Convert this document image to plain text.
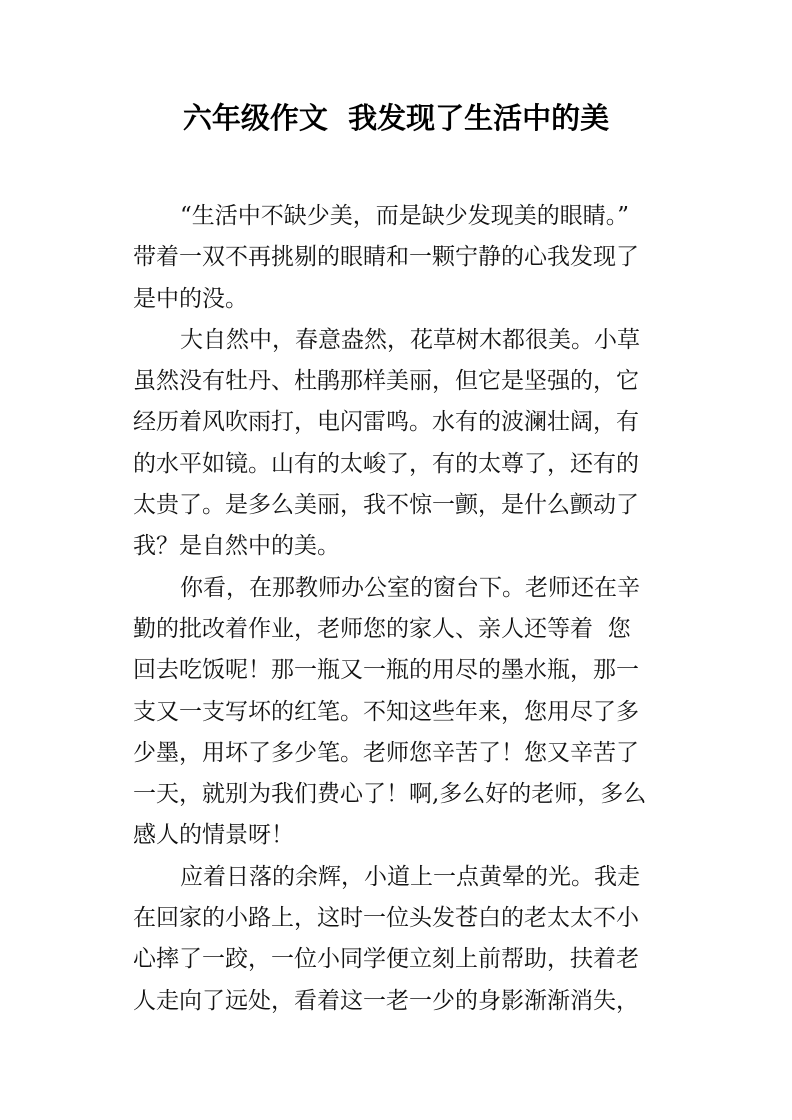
六年级作文  我发现了生活中的美

“生活中不缺少美，而是缺少发现美的眼睛。”
带着一双不再挑剔的眼睛和一颗宁静的心我发现了
是中的没。

大自然中，春意盎然，花草树木都很美。小草
虽然没有牡丹、杜鹃那样美丽，但它是坚强的，它
经历着风吹雨打，电闪雷鸣。水有的波澜壮阔，有
的水平如镜。山有的太峻了，有的太尊了，还有的
太贵了。是多么美丽，我不惊一颤，是什么颤动了
我？是自然中的美。

你看，在那教师办公室的窗台下。老师还在辛
勤的批改着作业，老师您的家人、亲人还等着  您
回去吃饭呢！那一瓶又一瓶的用尽的墨水瓶，那一
支又一支写坏的红笔。不知这些年来，您用尽了多
少墨，用坏了多少笔。老师您辛苦了！您又辛苦了
一天，就别为我们费心了！啊,多么好的老师，多么
感人的情景呀！

应着日落的余辉，小道上一点黄晕的光。我走
在回家的小路上，这时一位头发苍白的老太太不小
心摔了一跤，一位小同学便立刻上前帮助，扶着老
人走向了远处，看着这一老一少的身影渐渐消失，
